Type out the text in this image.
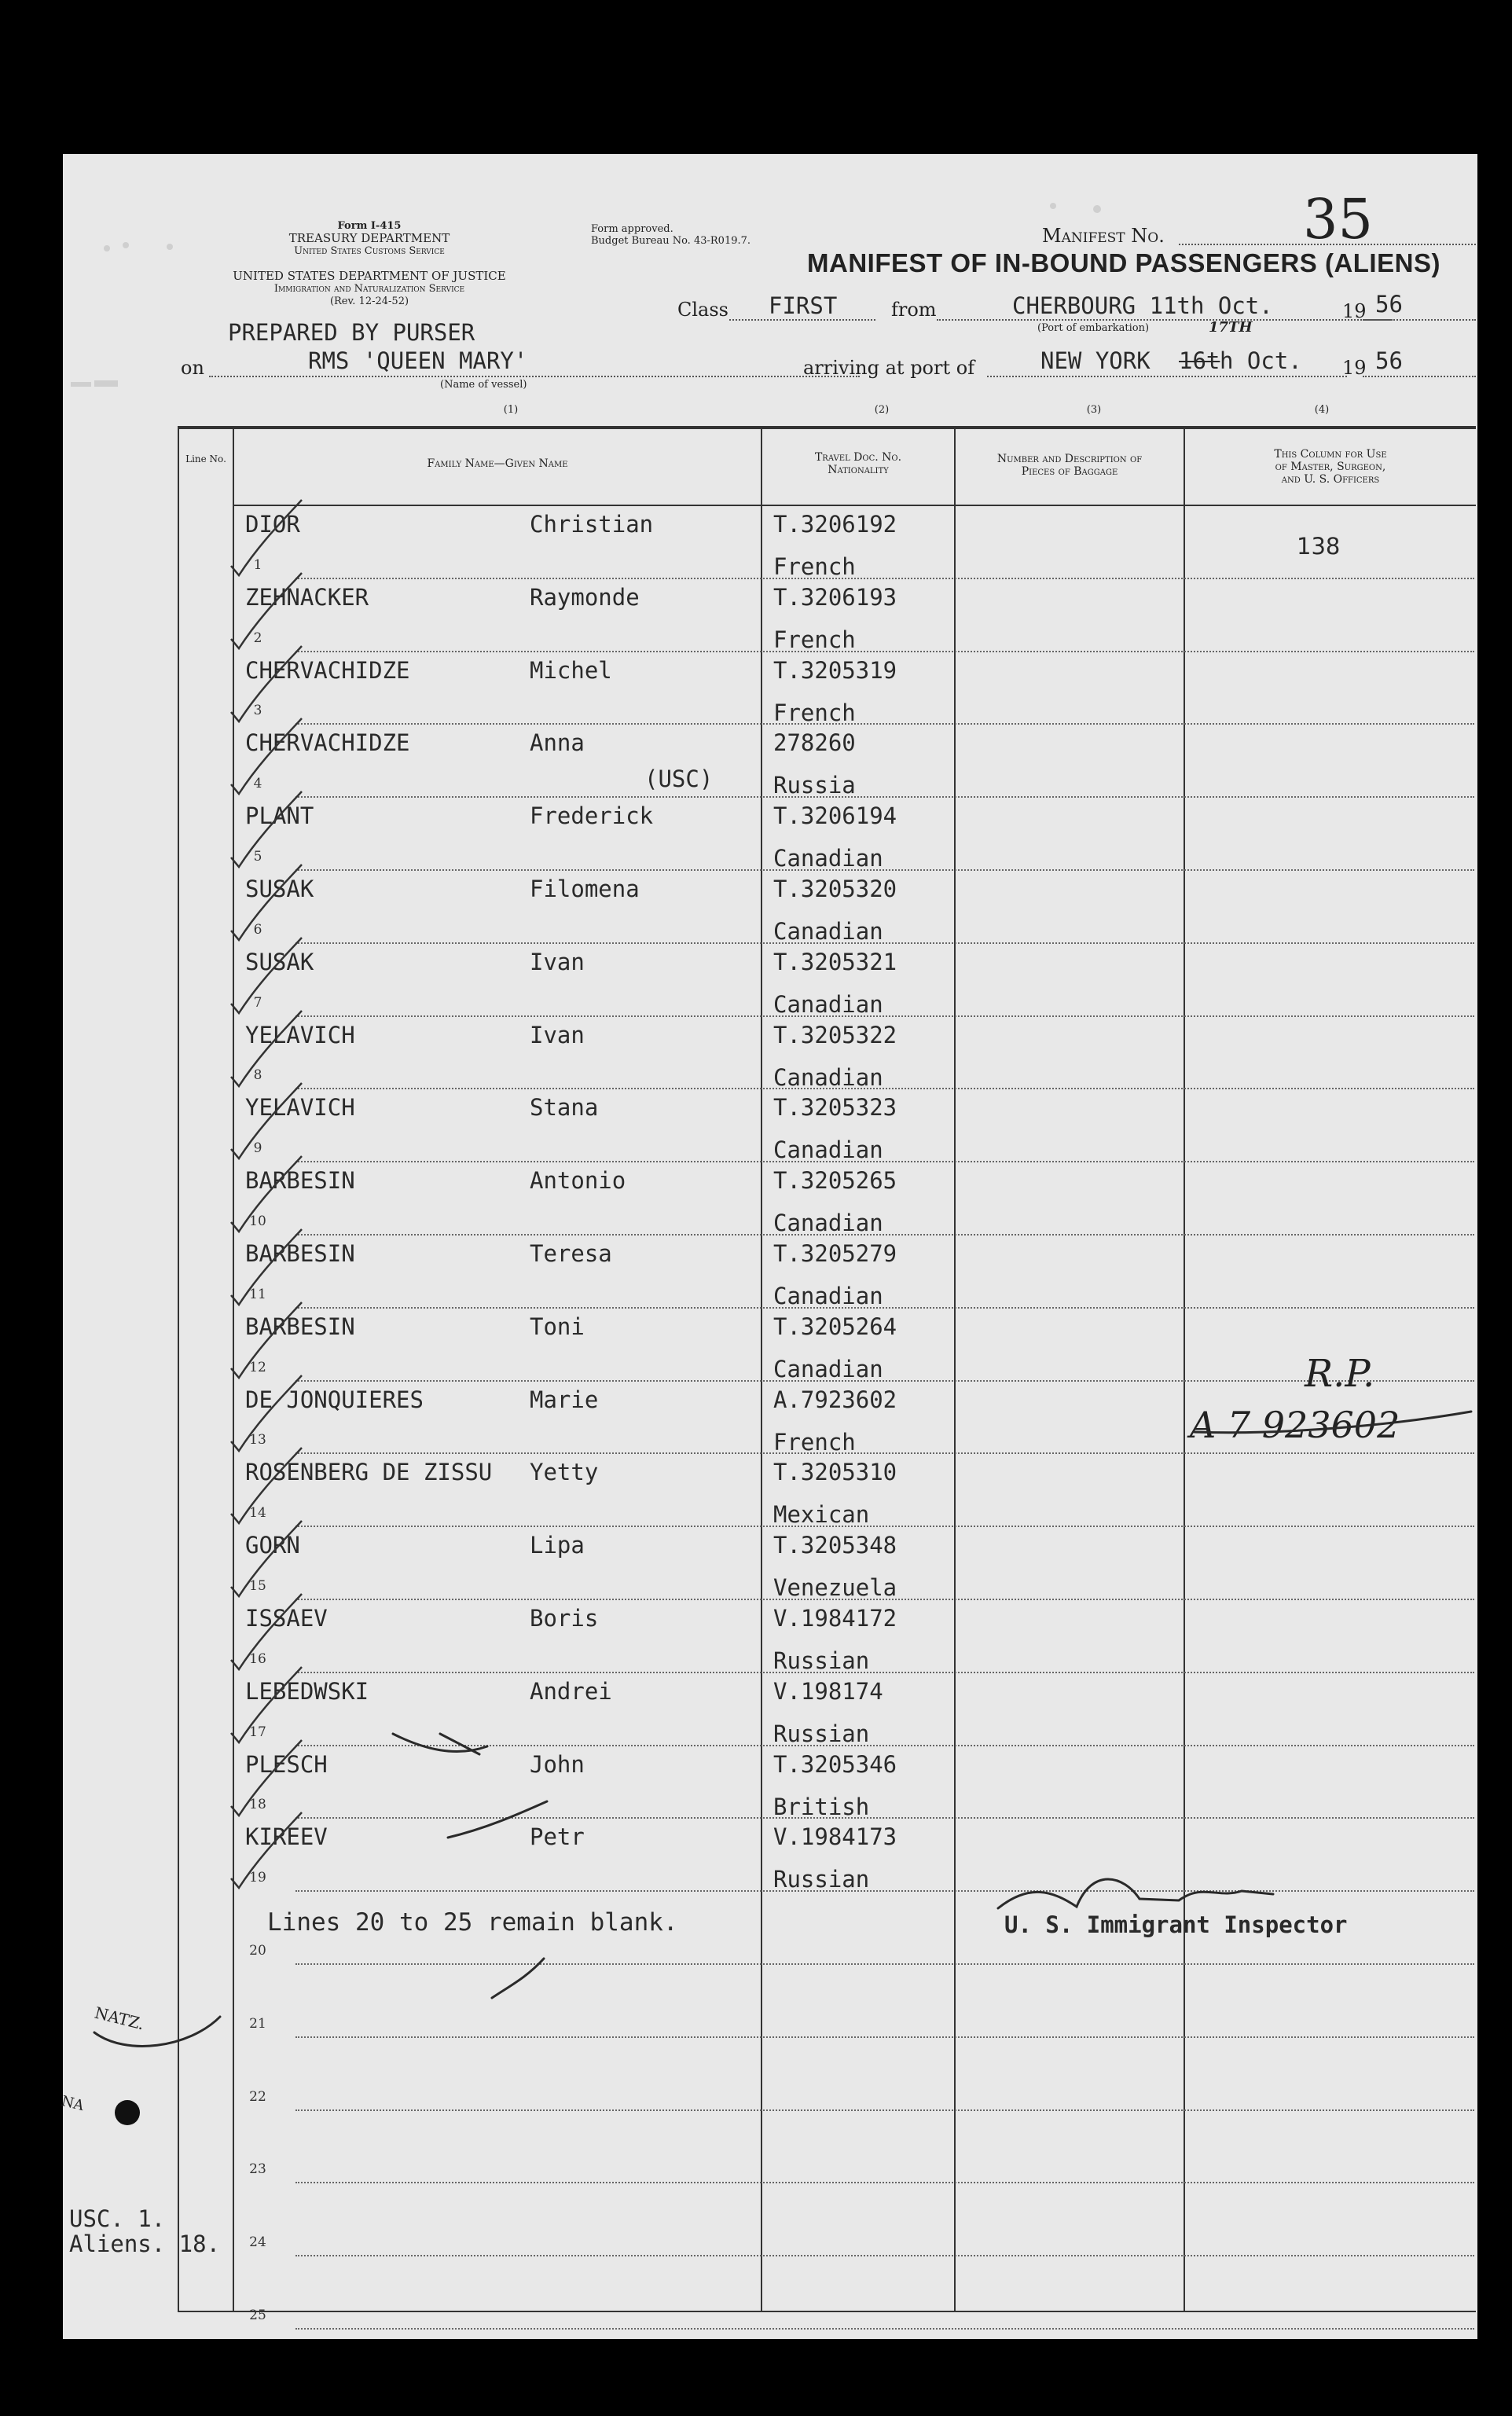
Form I-415
TREASURY DEPARTMENT
United States Customs Service
UNITED STATES DEPARTMENT OF JUSTICE
Immigration and Naturalization Service
(Rev. 12-24-52)
Form approved.
Budget Bureau No. 43-R019.7.	Manifest No.	35
MANIFEST OF IN-BOUND PASSENGERS (ALIENS)
Class FIRST	from	CHERBOURG 11th Oct.	19 56
(Port of embarkation)	17TH
PREPARED BY PURSER
on	RMS 'QUEEN MARY'
(Name of vessel)
arriving at port of	NEW YORK 16t h Oct. 19 56
(1)	(2)	(3)	(4)
Line No.	Family Name—Given Name	Travel Doc. No.
Nationality
Number and Description of
Pieces of Baggage
This Column for Use
of Master, Surgeon,
and U. S. Officers
1
DIOR	Christian	T.3206192
French
2
ZEHNACKER	Raymonde	T.3206193
French
3
CHERVACHIDZE	Michel	T.3205319
French
4
CHERVACHIDZE	Anna	278260
Russia
5
PLANT	Frederick	T.3206194
Canadian
6
SUSAK	Filomena	T.3205320
Canadian
7
SUSAK	Ivan	T.3205321
Canadian
8
YELAVICH	Ivan	T.3205322
Canadian
9
YELAVICH	Stana	T.3205323
Canadian
10
BARBESIN	Antonio	T.3205265
Canadian
11
BARBESIN	Teresa	T.3205279
Canadian
12
BARBESIN	Toni	T.3205264
Canadian
13
DE JONQUIERES	Marie	A.7923602
French
14
ROSENBERG DE ZISSU Yetty	T.3205310
Mexican
15
GORN	Lipa	T.3205348
Venezuela
16
ISSAEV	Boris	V.1984172
Russian
17
LEBEDWSKI	Andrei	V.198174
Russian
18
PLESCH	John	T.3205346
British
19
KIREEV	Petr	V.1984173
Russian
20
21
22
23
24
25
(USC)
138
R.P.
A 7 923602
Lines 20 to 25 remain blank.	U. S. Immigrant Inspector
USC. 1.
Aliens. 18.
NATZ.
NA
